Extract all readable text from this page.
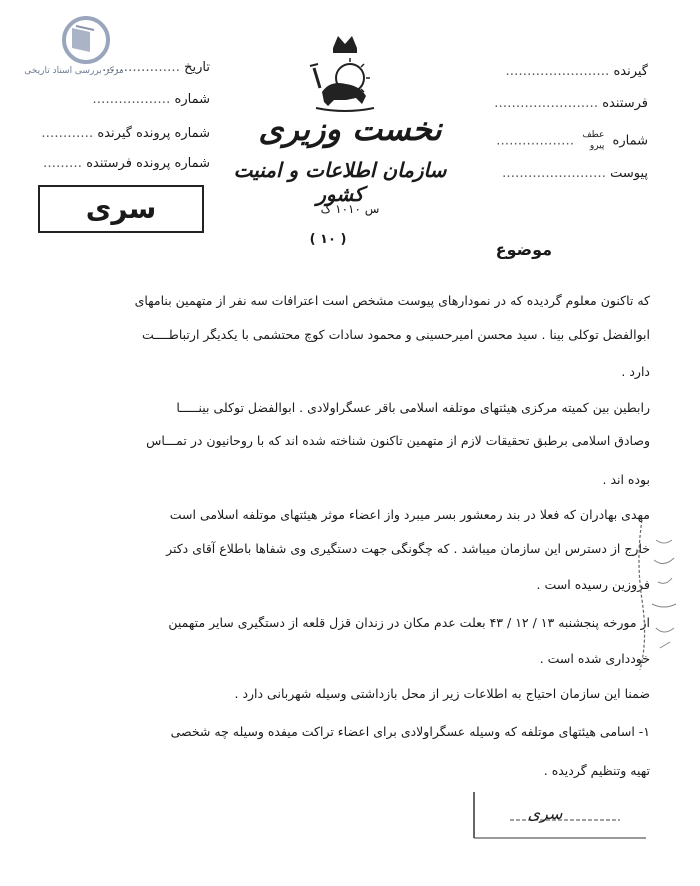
مرکز بررسی اسناد تاریخی	گیرنده ……………………
فرستنده ……………………
شماره عطف
پیرو ………………
پیوست ……………………
تاریخ ………………
شماره ………………
شماره پرونده گیرنده …………
شماره پرونده فرستنده ………
سری
نخست وزیری
سازمان اطلاعات و امنیت کشور
س ۱۰۱۰ ک
( ۱۰ )
موضوع
که تاکنون معلوم گردیده که در نمودارهای پیوست مشخص است اعترافات سه نفر از متهمین بنامهای
ابوالفضل توکلی بینا . سید محسن امیرحسینی و محمود سادات کوچ محتشمی با یکدیگر ارتباطــــت
دارد .
رابطین بین کمیته مرکزی هیئتهای موتلفه اسلامی باقر عسگراولادی . ابوالفضل توکلی بینـــــا
وصادق اسلامی برطبق تحقیقات لازم از متهمین تاکنون شناخته شده اند که با روحانیون در تمـــاس
بوده اند .
مهدی بهادران که فعلا در بند رمعشور بسر میبرد واز اعضاء موثر هیئتهای موتلفه اسلامی است
خارج از دسترس این سازمان میباشد . که چگونگی جهت دستگیری وی شفاها باطلاع آقای دکتر
فروزین رسیده است .
از مورخه پنجشنبه ۱۳ / ۱۲ / ۴۳ بعلت عدم مکان در زندان قزل قلعه از دستگیری سایر متهمین
خودداری شده است .
ضمنا این سازمان احتیاج به اطلاعات زیر از محل بازداشتی وسیله شهربانی دارد .
۱- اسامی هیئتهای موتلفه که وسیله عسگراولادی برای اعضاء تراکت میفده وسیله چه شخصی
تهیه وتنظیم گردیده .
سری
